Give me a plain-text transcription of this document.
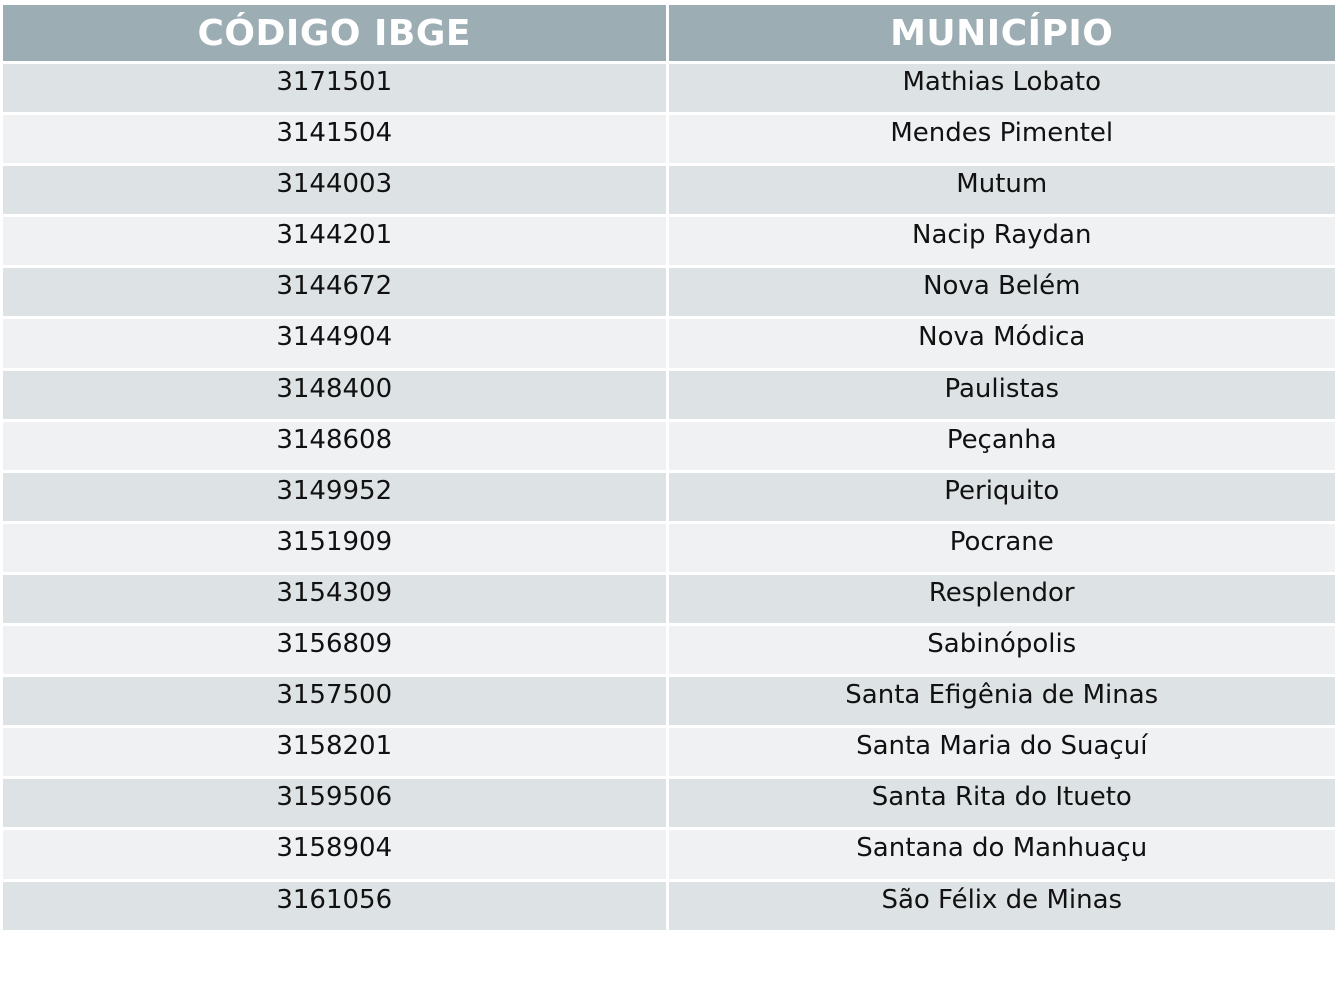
CÓDIGO IBGE	MUNICÍPIO
3171501	Mathias Lobato
3141504	Mendes Pimentel
3144003	Mutum
3144201	Nacip Raydan
3144672	Nova Belém
3144904	Nova Módica
3148400	Paulistas
3148608	Peçanha
3149952	Periquito
3151909	Pocrane
3154309	Resplendor
3156809	Sabinópolis
3157500	Santa Efigênia de Minas
3158201	Santa Maria do Suaçuí
3159506	Santa Rita do Itueto
3158904	Santana do Manhuaçu
3161056	São Félix de Minas
